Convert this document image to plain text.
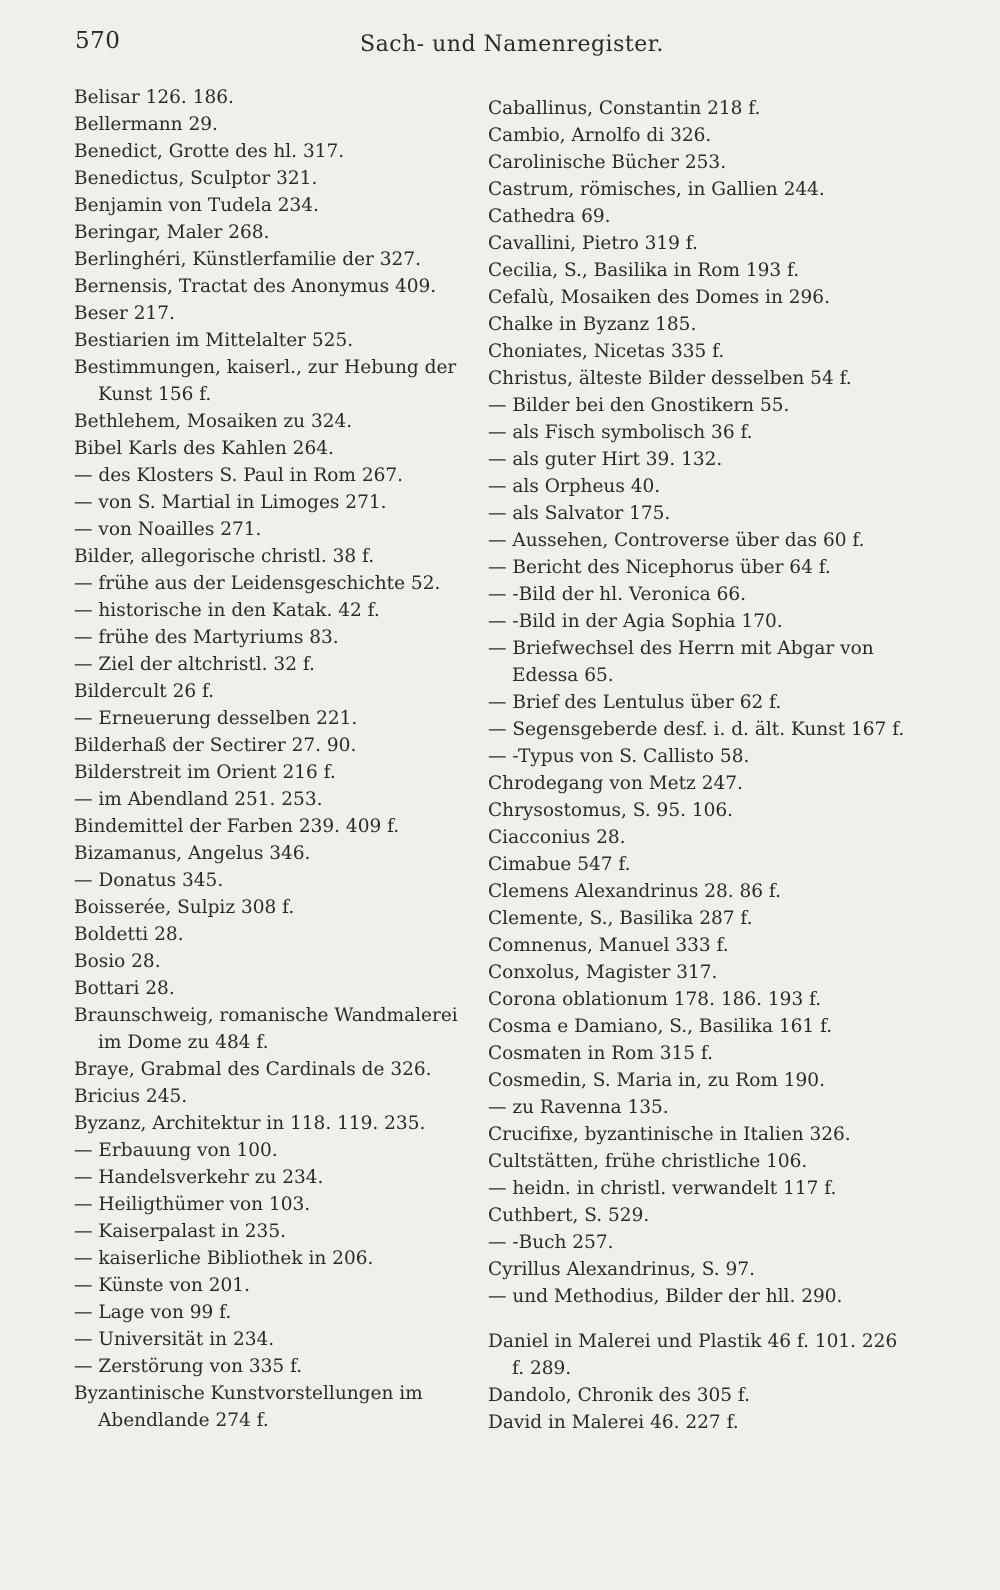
570	Sach- und Namenregister.
Belisar 126. 186.
Bellermann 29.
Benedict, Grotte des hl. 317.
Benedictus, Sculptor 321.
Benjamin von Tudela 234.
Beringar, Maler 268.
Berlinghéri, Künstlerfamilie der 327.
Bernensis, Tractat des Anonymus 409.
Beser 217.
Bestiarien im Mittelalter 525.
Bestimmungen, kaiserl., zur Hebung der Kunst 156 f.
Bethlehem, Mosaiken zu 324.
Bibel Karls des Kahlen 264.
— des Klosters S. Paul in Rom 267.
— von S. Martial in Limoges 271.
— von Noailles 271.
Bilder, allegorische christl. 38 f.
— frühe aus der Leidensgeschichte 52.
— historische in den Katak. 42 f.
— frühe des Martyriums 83.
— Ziel der altchristl. 32 f.
Bildercult 26 f.
— Erneuerung desselben 221.
Bilderhaß der Sectirer 27. 90.
Bilderstreit im Orient 216 f.
— im Abendland 251. 253.
Bindemittel der Farben 239. 409 f.
Bizamanus, Angelus 346.
— Donatus 345.
Boisserée, Sulpiz 308 f.
Boldetti 28.
Bosio 28.
Bottari 28.
Braunschweig, romanische Wandmalerei im Dome zu 484 f.
Braye, Grabmal des Cardinals de 326.
Bricius 245.
Byzanz, Architektur in 118. 119. 235.
— Erbauung von 100.
— Handelsverkehr zu 234.
— Heiligthümer von 103.
— Kaiserpalast in 235.
— kaiserliche Bibliothek in 206.
— Künste von 201.
— Lage von 99 f.
— Universität in 234.
— Zerstörung von 335 f.
Byzantinische Kunstvorstellungen im Abendlande 274 f.
Caballinus, Constantin 218 f.
Cambio, Arnolfo di 326.
Carolinische Bücher 253.
Castrum, römisches, in Gallien 244.
Cathedra 69.
Cavallini, Pietro 319 f.
Cecilia, S., Basilika in Rom 193 f.
Cefalù, Mosaiken des Domes in 296.
Chalke in Byzanz 185.
Choniates, Nicetas 335 f.
Christus, älteste Bilder desselben 54 f.
— Bilder bei den Gnostikern 55.
— als Fisch symbolisch 36 f.
— als guter Hirt 39. 132.
— als Orpheus 40.
— als Salvator 175.
— Aussehen, Controverse über das 60 f.
— Bericht des Nicephorus über 64 f.
— -Bild der hl. Veronica 66.
— -Bild in der Agia Sophia 170.
— Briefwechsel des Herrn mit Abgar von Edessa 65.
— Brief des Lentulus über 62 f.
— Segensgeberde desf. i. d. ält. Kunst 167 f.
— -Typus von S. Callisto 58.
Chrodegang von Metz 247.
Chrysostomus, S. 95. 106.
Ciacconius 28.
Cimabue 547 f.
Clemens Alexandrinus 28. 86 f.
Clemente, S., Basilika 287 f.
Comnenus, Manuel 333 f.
Conxolus, Magister 317.
Corona oblationum 178. 186. 193 f.
Cosma e Damiano, S., Basilika 161 f.
Cosmaten in Rom 315 f.
Cosmedin, S. Maria in, zu Rom 190.
— zu Ravenna 135.
Crucifixe, byzantinische in Italien 326.
Cultstätten, frühe christliche 106.
— heidn. in christl. verwandelt 117 f.
Cuthbert, S. 529.
— -Buch 257.
Cyrillus Alexandrinus, S. 97.
— und Methodius, Bilder der hll. 290.
Daniel in Malerei und Plastik 46 f. 101. 226 f. 289.
Dandolo, Chronik des 305 f.
David in Malerei 46. 227 f.
